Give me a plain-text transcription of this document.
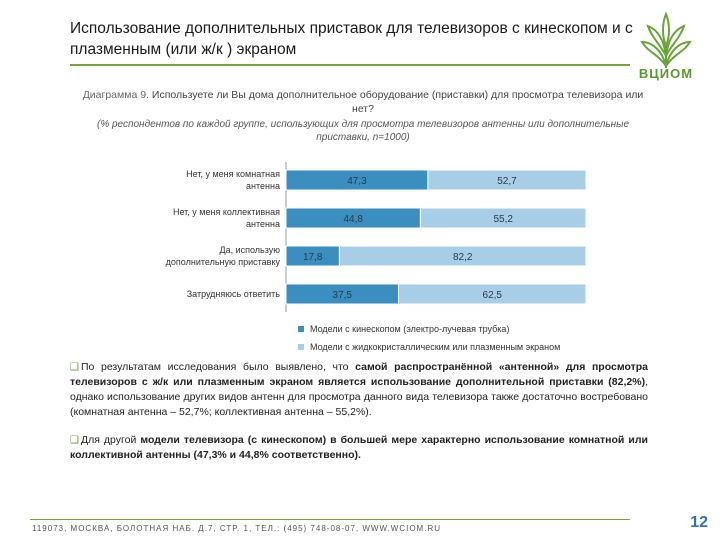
Использование дополнительных приставок для телевизоров с кинескопом и с плазменным (или ж/к ) экраном
ВЦИОМ
Диаграмма 9. Используете ли Вы дома дополнительное оборудование (приставки) для просмотра телевизора или нет?
(% респондентов по каждой группе, использующих для просмотра телевизоров антенны или дополнительные приставки, n=1000)
Нет, у меня комнатная антенна	47,3	52,7
Нет, у меня коллективная антенна	44,8	55,2
Да, использую дополнительную приставку 17,8	82,2
Затрудняюсь ответить	37,5	62,5
Модели с кинескопом (электро-лучевая трубка)
Модели с жидкокристаллическим или плазменным экраном

❑ По результатам исследования было выявлено, что самой распространённой «антенной» для просмотра телевизоров с ж/к или плазменным экраном является использование дополнительной приставки (82,2%), однако использование других видов антенн для просмотра данного вида телевизора также достаточно востребовано (комнатная антенна – 52,7%; коллективная антенна – 55,2%).

❑ Для другой модели телевизора (с кинескопом) в большей мере характерно использование комнатной или коллективной антенны (47,3% и 44,8% соответственно).

119073, МОСКВА, БОЛОТНАЯ НАБ. Д.7, СТР. 1, ТЕЛ.: (495) 748-08-07, WWW.WCIOM.RU	12
